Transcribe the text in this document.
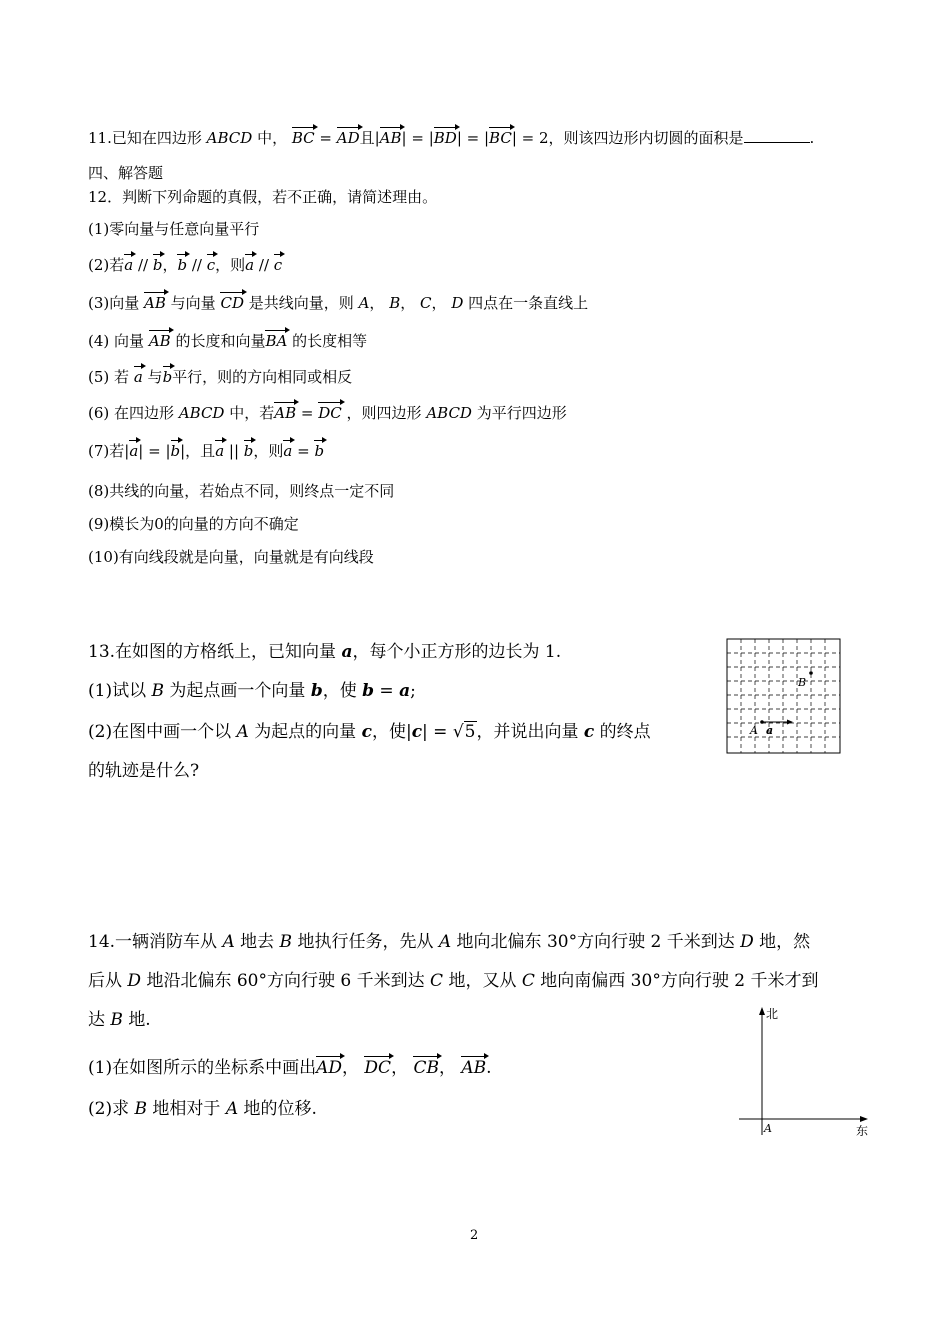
11.已知在四边形 ABCD 中， BC = AD且|AB| = |BD| = |BC| = 2，则该四边形内切圆的面积是	.
四、解答题
12．判断下列命题的真假，若不正确，请简述理由。
(1)零向量与任意向量平行
(2)若a // b，b // c，则a // c
(3)向量 AB 与向量 CD 是共线向量，则 A， B， C， D 四点在一条直线上
(4) 向量 AB 的长度和向量BA 的长度相等
(5) 若 a 与b平行，则的方向相同或相反
(6) 在四边形 ABCD 中，若AB = DC ，则四边形 ABCD 为平行四边形
(7)若|a| = |b|，且a || b，则a = b
(8)共线的向量，若始点不同，则终点一定不同
(9)模长为0的向量的方向不确定
(10)有向线段就是向量，向量就是有向线段
13.在如图的方格纸上，已知向量 a，每个小正方形的边长为 1.
(1)试以 B 为起点画一个向量 b，使 b = a;
(2)在图中画一个以 A 为起点的向量 c，使|c| = √5，并说出向量 c 的终点
的轨迹是什么?
B
A a
14.一辆消防车从 A 地去 B 地执行任务，先从 A 地向北偏东 30°方向行驶 2 千米到达 D 地，然
后从 D 地沿北偏东 60°方向行驶 6 千米到达 C 地，又从 C 地向南偏西 30°方向行驶 2 千米才到
达 B 地.
(1)在如图所示的坐标系中画出AD， DC， CB， AB.
(2)求 B 地相对于 A 地的位移.
北
东
A
2
